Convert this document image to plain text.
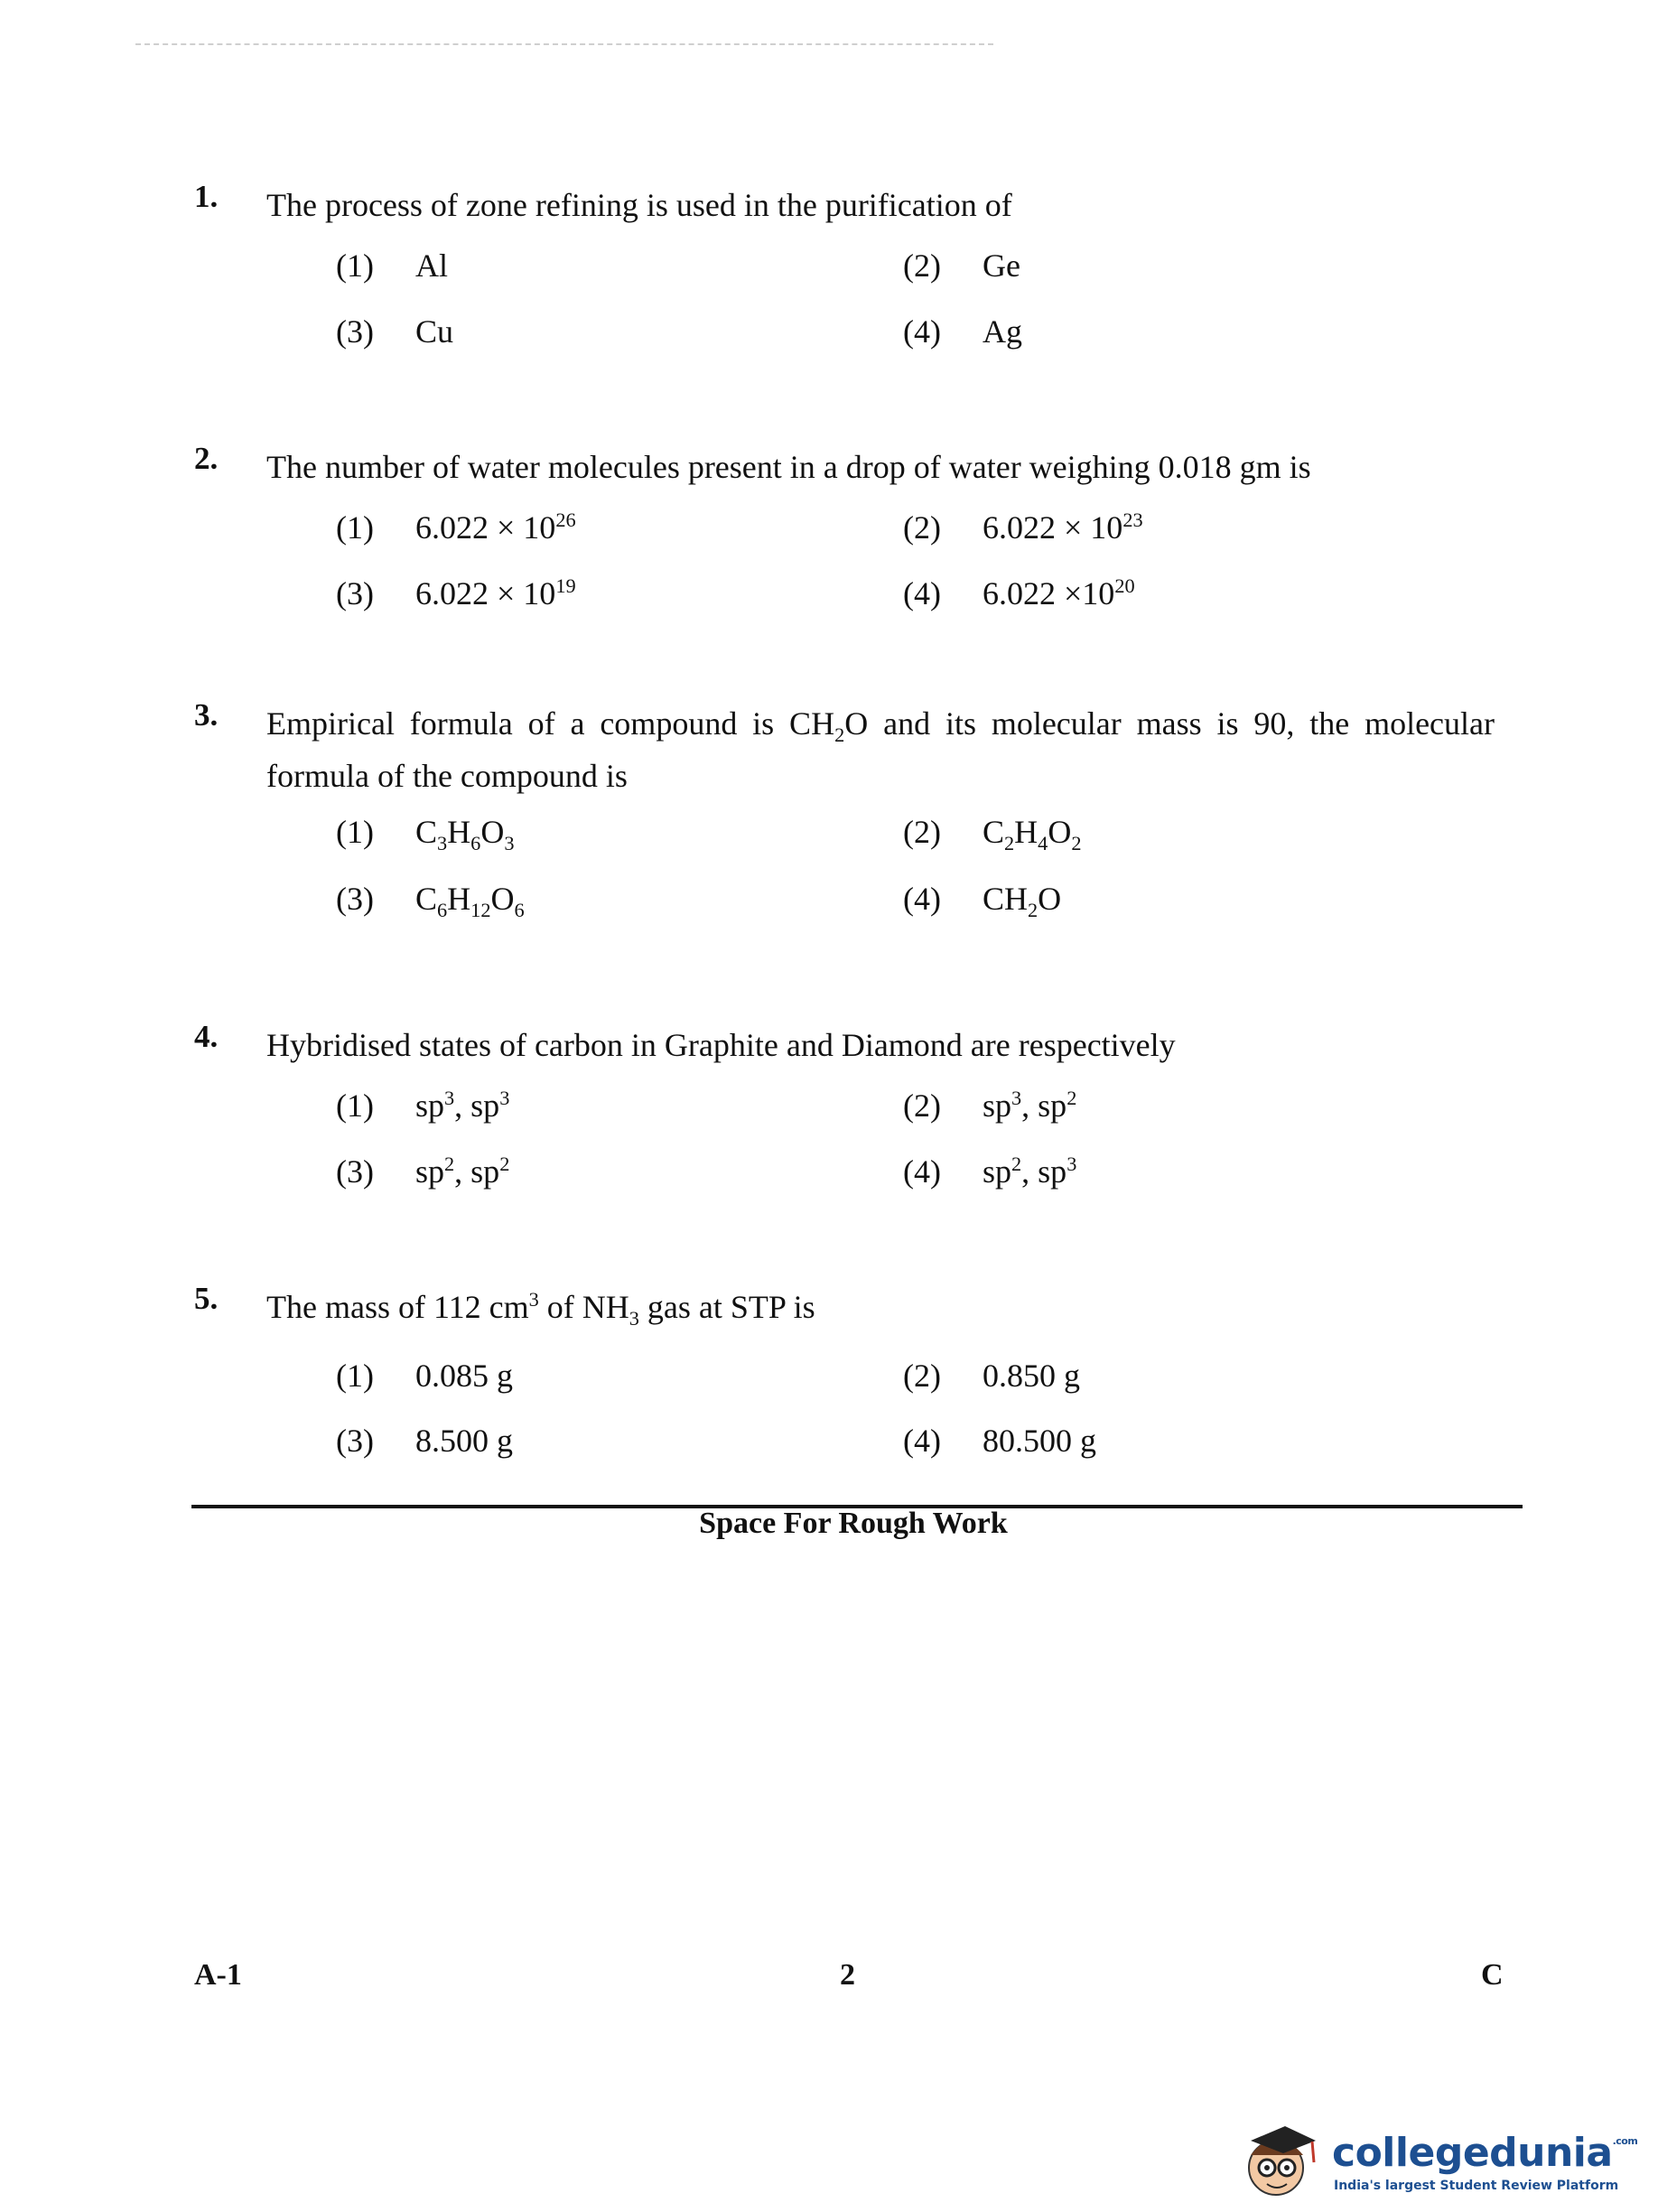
1. The process of zone refining is used in the purification of
(1) Al	(2) Ge
(3) Cu	(4) Ag
2. The number of water molecules present in a drop of water weighing 0.018 gm is
(1) $6.022 \times 10^{26}$	(2) $6.022 \times 10^{23}$
(3) $6.022 \times 10^{19}$	(4) $6.022 \times 10^{20}$
3. Empirical formula of a compound is $CH_2O$ and its molecular mass is 90, the molecular formula of the compound is
(1) $C_3H_6O_3$	(2) $C_2H_4O_2$
(3) $C_6H_{12}O_6$	(4) $CH_2O$
4. Hybridised states of carbon in Graphite and Diamond are respectively
(1) $sp^3$, $sp^3$	(2) $sp^3$, $sp^2$
(3) $sp^2$, $sp^2$	(4) $sp^2$, $sp^3$
5. The mass of 112 $cm^3$ of $NH_3$ gas at STP is
(1) 0.085 g	(2) 0.850 g
(3) 8.500 g	(4) 80.500 g
Space For Rough Work
A-1	2	C
collegedunia$^{.com}$
India's largest Student Review Platform
